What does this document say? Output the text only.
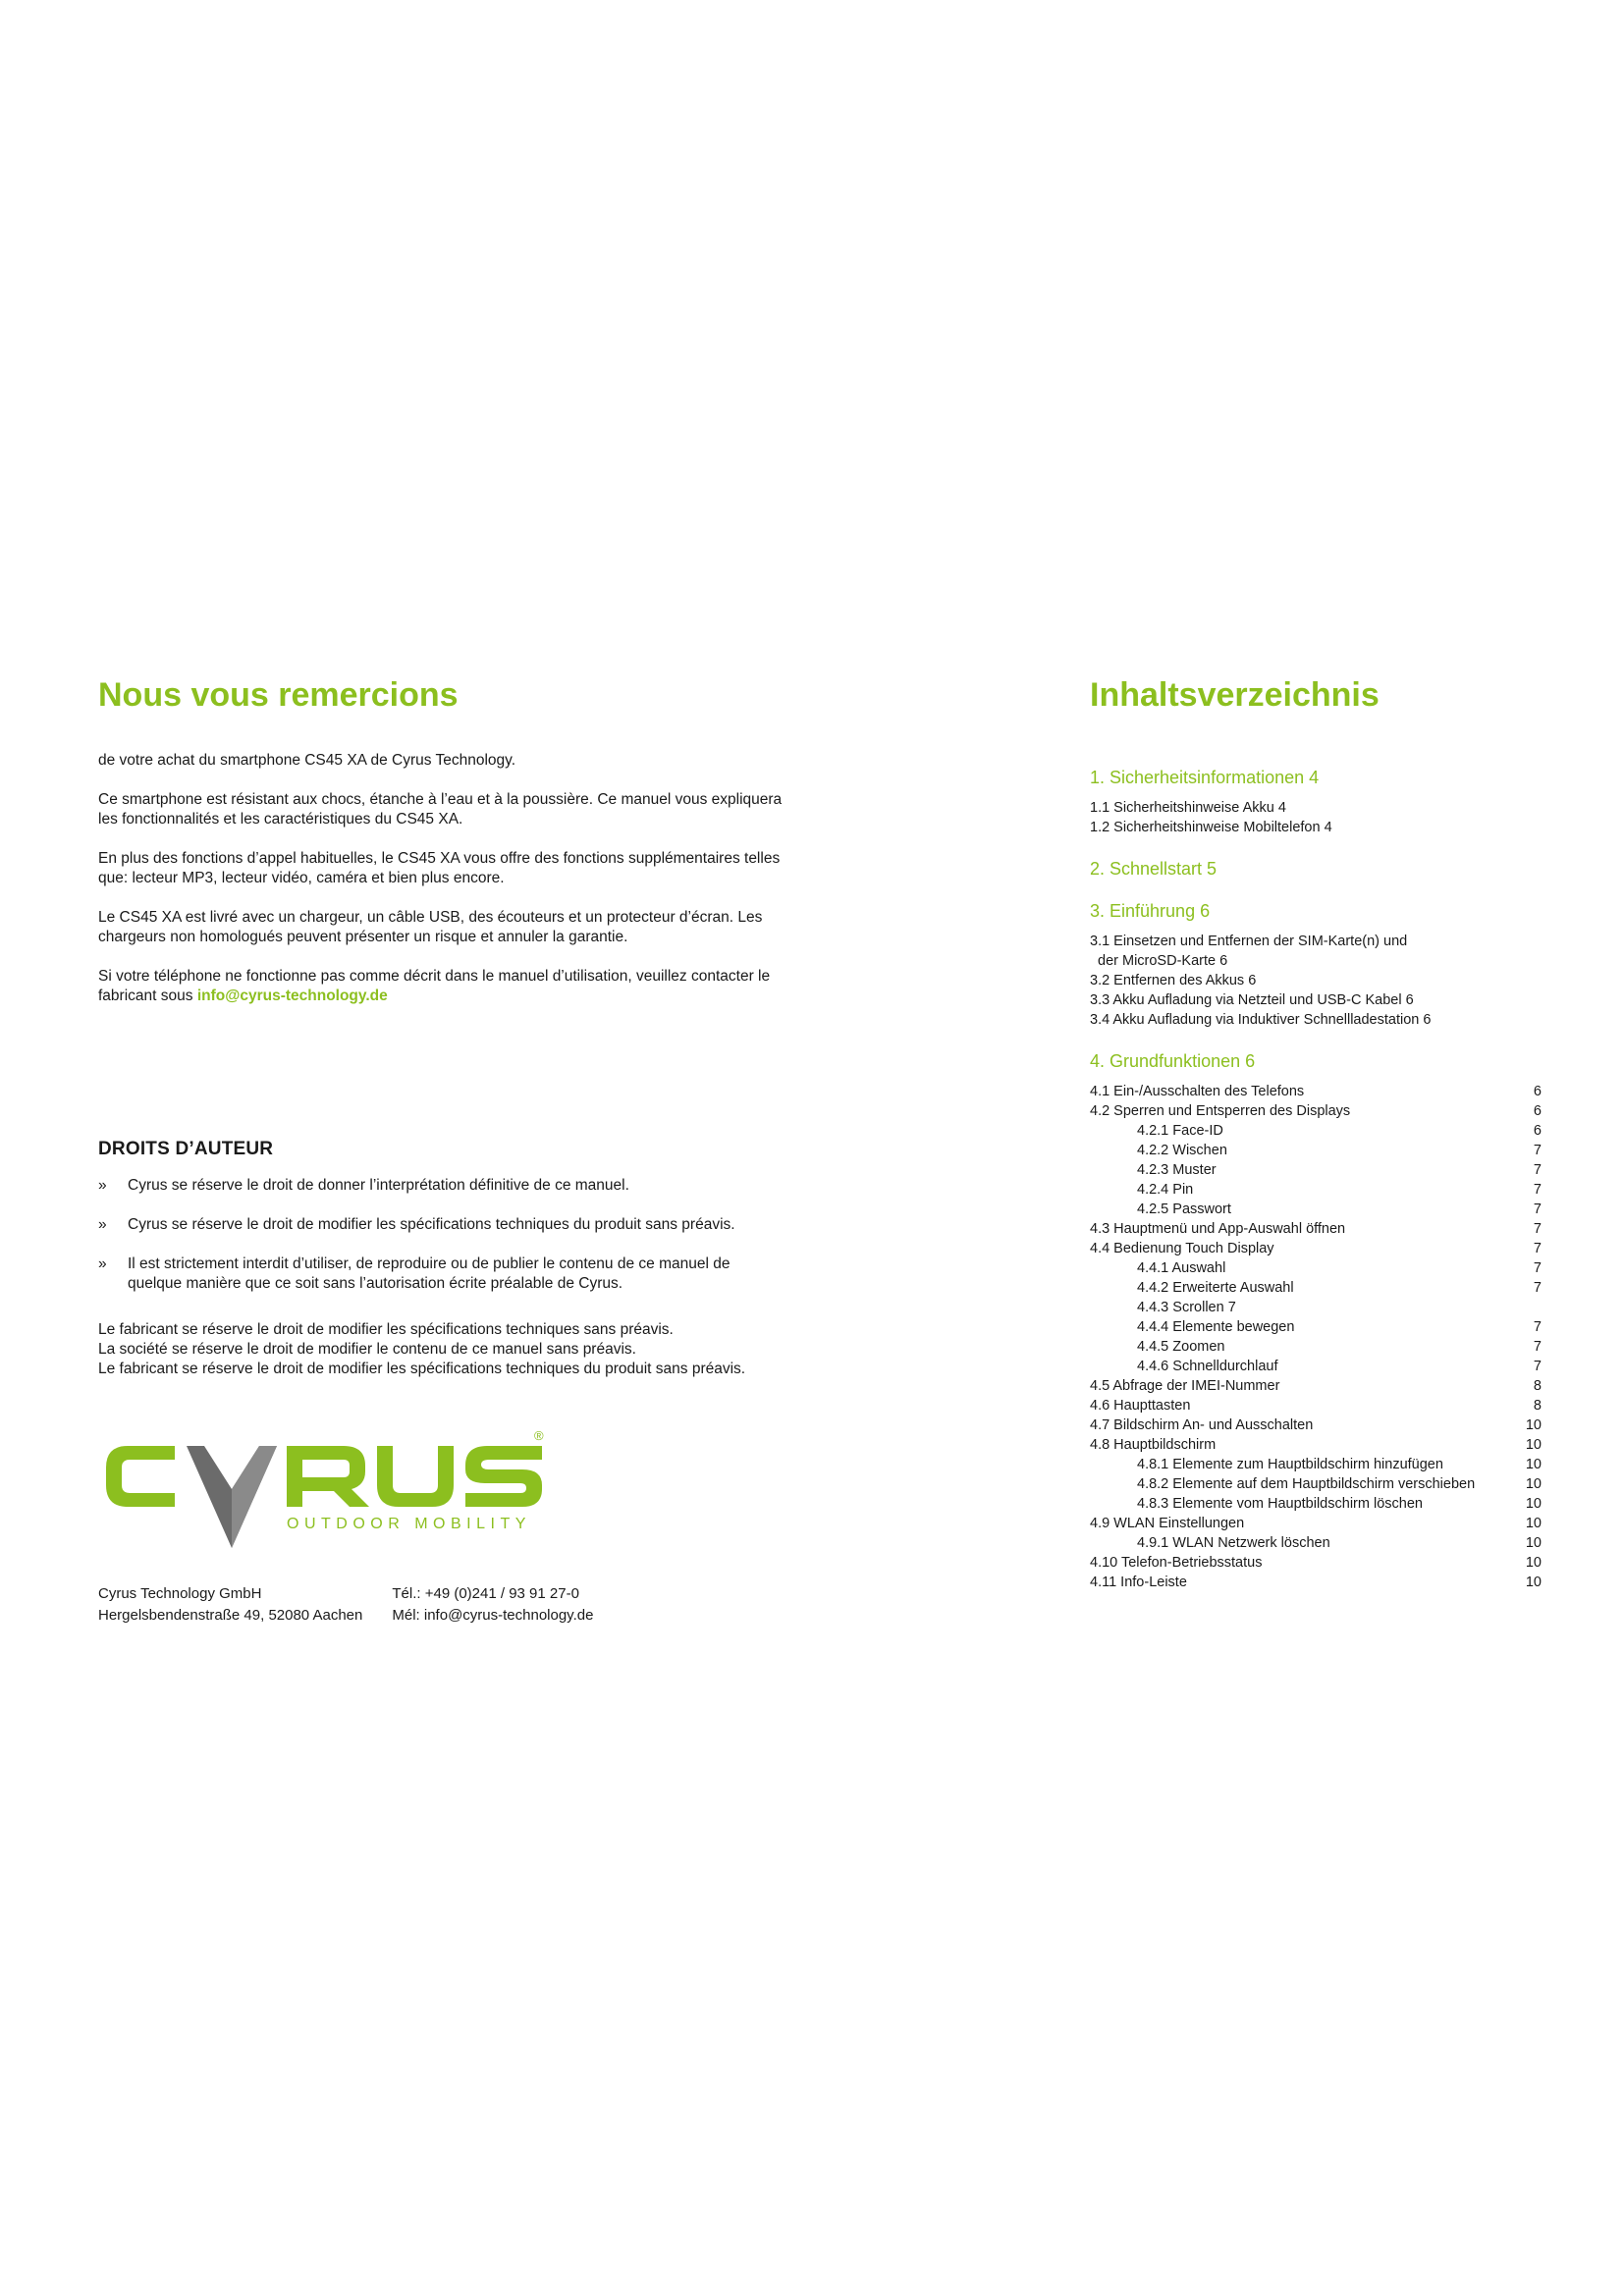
Nous vous remercions

de votre achat du smartphone CS45 XA de Cyrus Technology.

Ce smartphone est résistant aux chocs, étanche à l’eau et à la poussière. Ce manuel vous expliquera les fonctionnalités et les caractéristiques du CS45 XA.

En plus des fonctions d’appel habituelles, le CS45 XA vous offre des fonctions supplémentaires telles que: lecteur MP3, lecteur vidéo, caméra et bien plus encore.

Le CS45 XA est livré avec un chargeur, un câble USB, des écouteurs et un protecteur d’écran. Les chargeurs non homologués peuvent présenter un risque et annuler la garantie.

Si votre téléphone ne fonctionne pas comme décrit dans le manuel d’utilisation, veuillez contacter le fabricant sous info@cyrus-technology.de

DROITS D’AUTEUR
» Cyrus se réserve le droit de donner l’interprétation définitive de ce manuel.
» Cyrus se réserve le droit de modifier les spécifications techniques du produit sans préavis.
» Il est strictement interdit d’utiliser, de reproduire ou de publier le contenu de ce manuel de quelque manière que ce soit sans l’autorisation écrite préalable de Cyrus.
Le fabricant se réserve le droit de modifier les spécifications techniques sans préavis.
La société se réserve le droit de modifier le contenu de ce manuel sans préavis.
Le fabricant se réserve le droit de modifier les spécifications techniques du produit sans préavis.
®
OUTDOOR MOBILITY
Cyrus Technology GmbH
Hergelsbendenstraße 49, 52080 Aachen
Tél.: +49 (0)241 / 93 91 27-0
Mél: info@cyrus-technology.de
Inhaltsverzeichnis
1. Sicherheitsinformationen 4
1.1 Sicherheitshinweise Akku 4
1.2 Sicherheitshinweise Mobiltelefon 4
2. Schnellstart 5
3. Einführung 6
3.1 Einsetzen und Entfernen der SIM-Karte(n) und
der MicroSD-Karte 6
3.2 Entfernen des Akkus 6
3.3 Akku Aufladung via Netzteil und USB-C Kabel 6
3.4 Akku Aufladung via Induktiver Schnellladestation 6
4. Grundfunktionen 6
4.1 Ein-/Ausschalten des Telefons	6
4.2 Sperren und Entsperren des Displays	6
4.2.1 Face-ID	6
4.2.2 Wischen	7
4.2.3 Muster	7
4.2.4 Pin	7
4.2.5 Passwort	7
4.3 Hauptmenü und App-Auswahl öffnen	7
4.4 Bedienung Touch Display	7
4.4.1 Auswahl	7
4.4.2 Erweiterte Auswahl	7
4.4.3 Scrollen 7
4.4.4 Elemente bewegen	7
4.4.5 Zoomen	7
4.4.6 Schnelldurchlauf	7
4.5 Abfrage der IMEI-Nummer	8
4.6 Haupttasten	8
4.7 Bildschirm An- und Ausschalten	10
4.8 Hauptbildschirm	10
4.8.1 Elemente zum Hauptbildschirm hinzufügen	10
4.8.2 Elemente auf dem Hauptbildschirm verschieben	10
4.8.3 Elemente vom Hauptbildschirm löschen	10
4.9 WLAN Einstellungen	10
4.9.1 WLAN Netzwerk löschen	10
4.10 Telefon-Betriebsstatus	10
4.11 Info-Leiste	10
